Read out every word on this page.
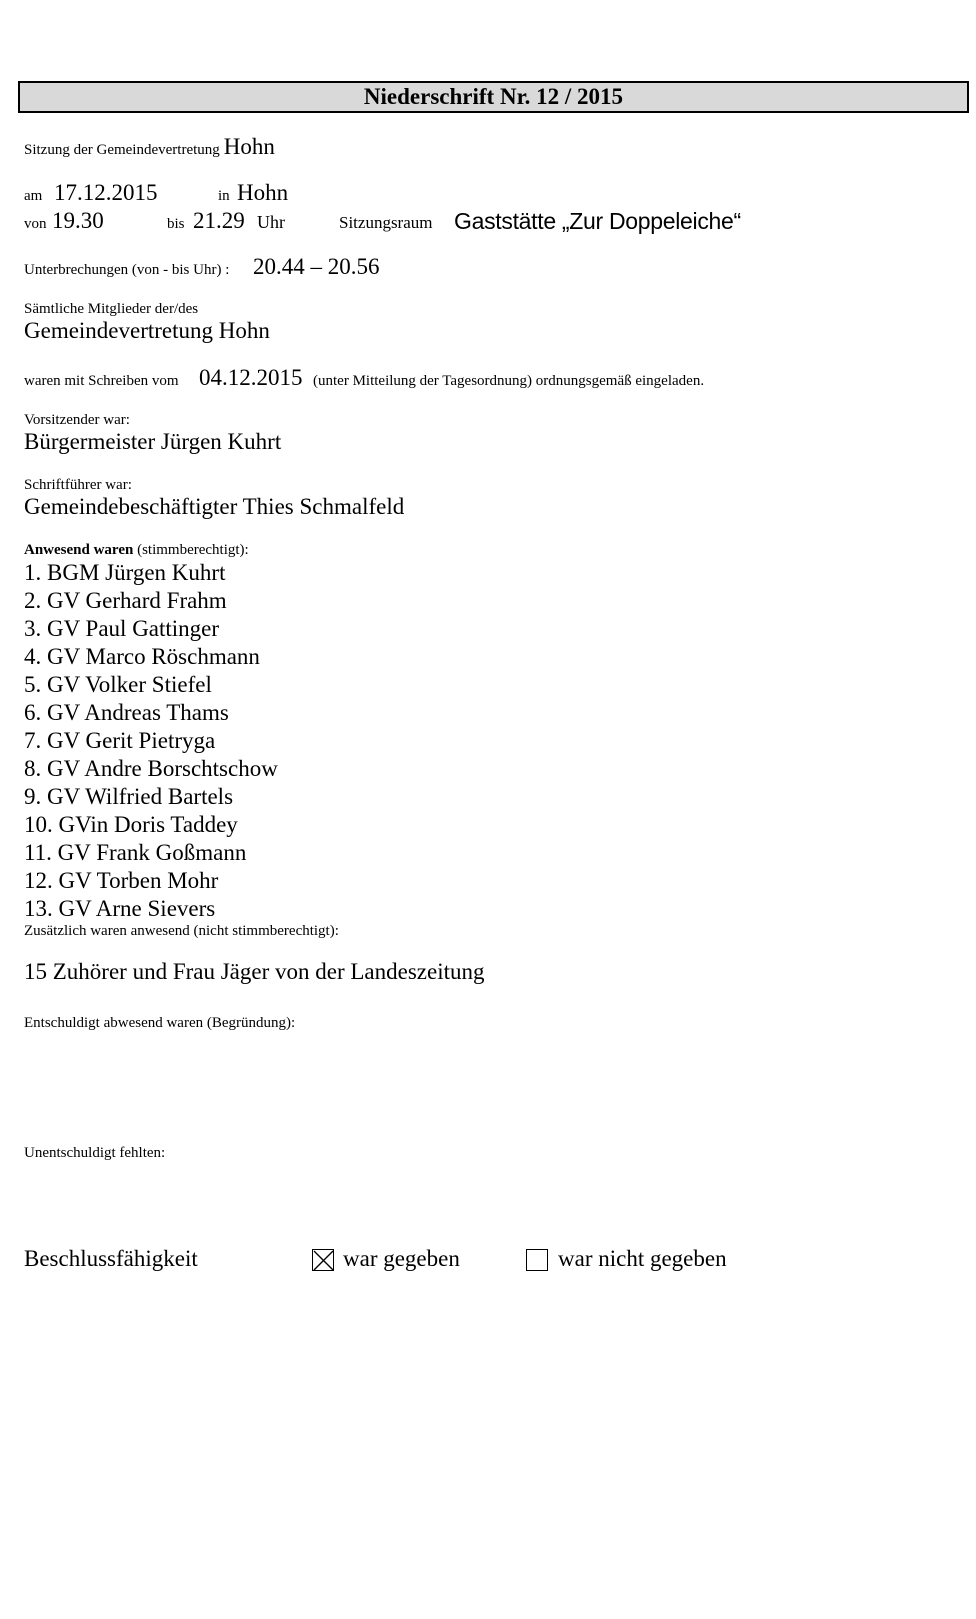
Niederschrift Nr. 12 / 2015
Sitzung der Gemeindevertretung Hohn
am 17.12.2015	in Hohn
von 19.30	bis 21.29 Uhr	Sitzungsraum Gaststätte „Zur Doppeleiche“
Unterbrechungen (von - bis Uhr) : 20.44 – 20.56
Sämtliche Mitglieder der/des
Gemeindevertretung Hohn
waren mit Schreiben vom 04.12.2015 (unter Mitteilung der Tagesordnung) ordnungsgemäß eingeladen.
Vorsitzender war:
Bürgermeister Jürgen Kuhrt
Schriftführer war:
Gemeindebeschäftigter Thies Schmalfeld
Anwesend waren (stimmberechtigt):
1. BGM Jürgen Kuhrt
2. GV Gerhard Frahm
3. GV Paul Gattinger
4. GV Marco Röschmann
5. GV Volker Stiefel
6. GV Andreas Thams
7. GV Gerit Pietryga
8. GV Andre Borschtschow
9. GV Wilfried Bartels
10. GVin Doris Taddey
11. GV Frank Goßmann
12. GV Torben Mohr
13. GV Arne Sievers
Zusätzlich waren anwesend (nicht stimmberechtigt):
15 Zuhörer und Frau Jäger von der Landeszeitung
Entschuldigt abwesend waren (Begründung):
Unentschuldigt fehlten:
Beschlussfähigkeit	war gegeben	war nicht gegeben
